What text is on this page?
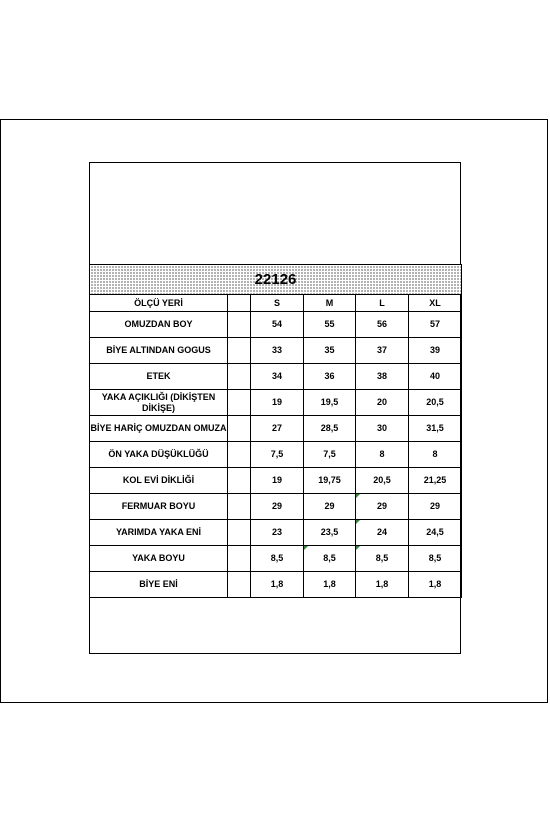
22126					
ÖLÇÜ YERİ		S	M	L	XL
OMUZDAN BOY		54	55	56	57
BİYE ALTINDAN GOGUS		33	35	37	39
ETEK		34	36	38	40
YAKA AÇIKLIĞI (DİKİŞTEN DİKİŞE)		19	19,5	20	20,5
BİYE HARİÇ OMUZDAN OMUZA		27	28,5	30	31,5
ÖN YAKA DÜŞÜKLÜĞÜ		7,5	7,5	8	8
KOL EVİ DİKLİĞİ		19	19,75	20,5	21,25
FERMUAR BOYU		29	29	29	29
YARIMDA YAKA ENİ		23	23,5	24	24,5
YAKA BOYU		8,5	8,5	8,5	8,5
BİYE ENİ		1,8	1,8	1,8	1,8
